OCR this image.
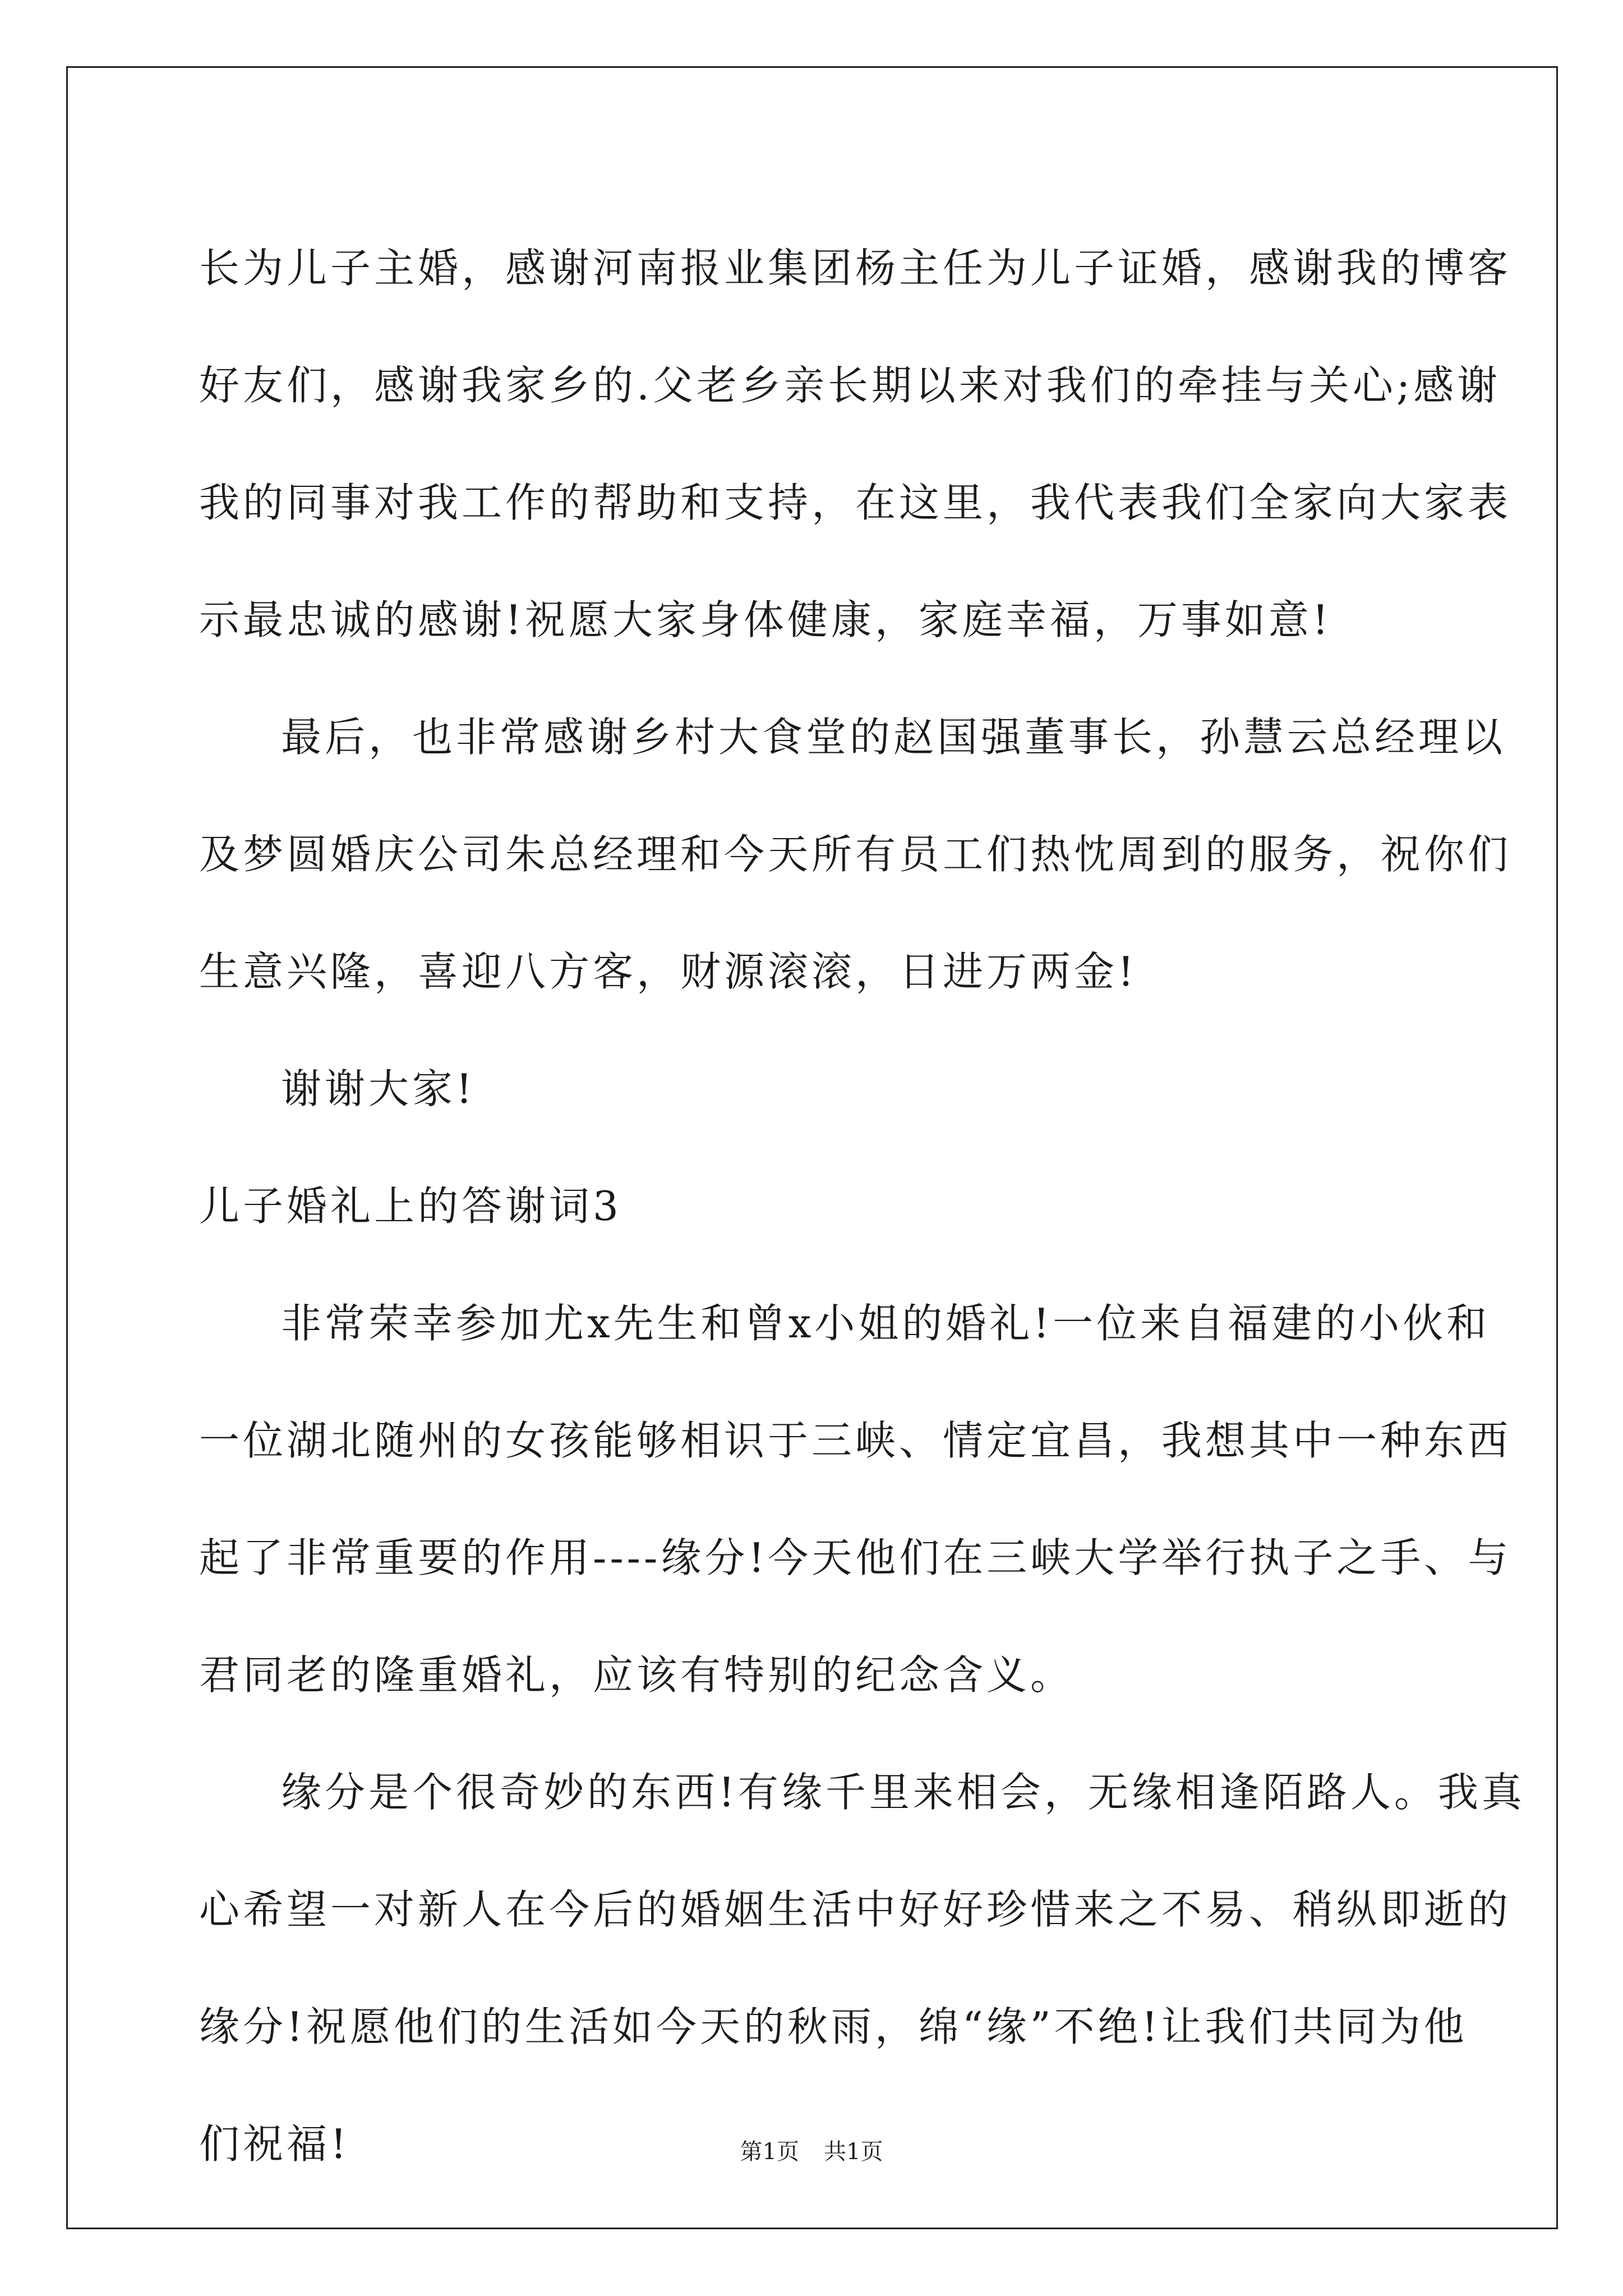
长为儿子主婚，感谢河南报业集团杨主任为儿子证婚，感谢我的博客

好友们，感谢我家乡的.父老乡亲长期以来对我们的牵挂与关心;感谢

我的同事对我工作的帮助和支持，在这里，我代表我们全家向大家表

示最忠诚的感谢!祝愿大家身体健康，家庭幸福，万事如意!

最后，也非常感谢乡村大食堂的赵国强董事长，孙慧云总经理以

及梦圆婚庆公司朱总经理和今天所有员工们热忱周到的服务，祝你们

生意兴隆，喜迎八方客，财源滚滚，日进万两金!

谢谢大家!

儿子婚礼上的答谢词3

非常荣幸参加尤x先生和曾x小姐的婚礼!一位来自福建的小伙和

一位湖北随州的女孩能够相识于三峡、情定宜昌，我想其中一种东西

起了非常重要的作用----缘分!今天他们在三峡大学举行执子之手、与

君同老的隆重婚礼，应该有特别的纪念含义。

缘分是个很奇妙的东西!有缘千里来相会，无缘相逢陌路人。我真

心希望一对新人在今后的婚姻生活中好好珍惜来之不易、稍纵即逝的

缘分!祝愿他们的生活如今天的秋雨，绵“缘”不绝!让我们共同为他

们祝福!	第1页 共1页
